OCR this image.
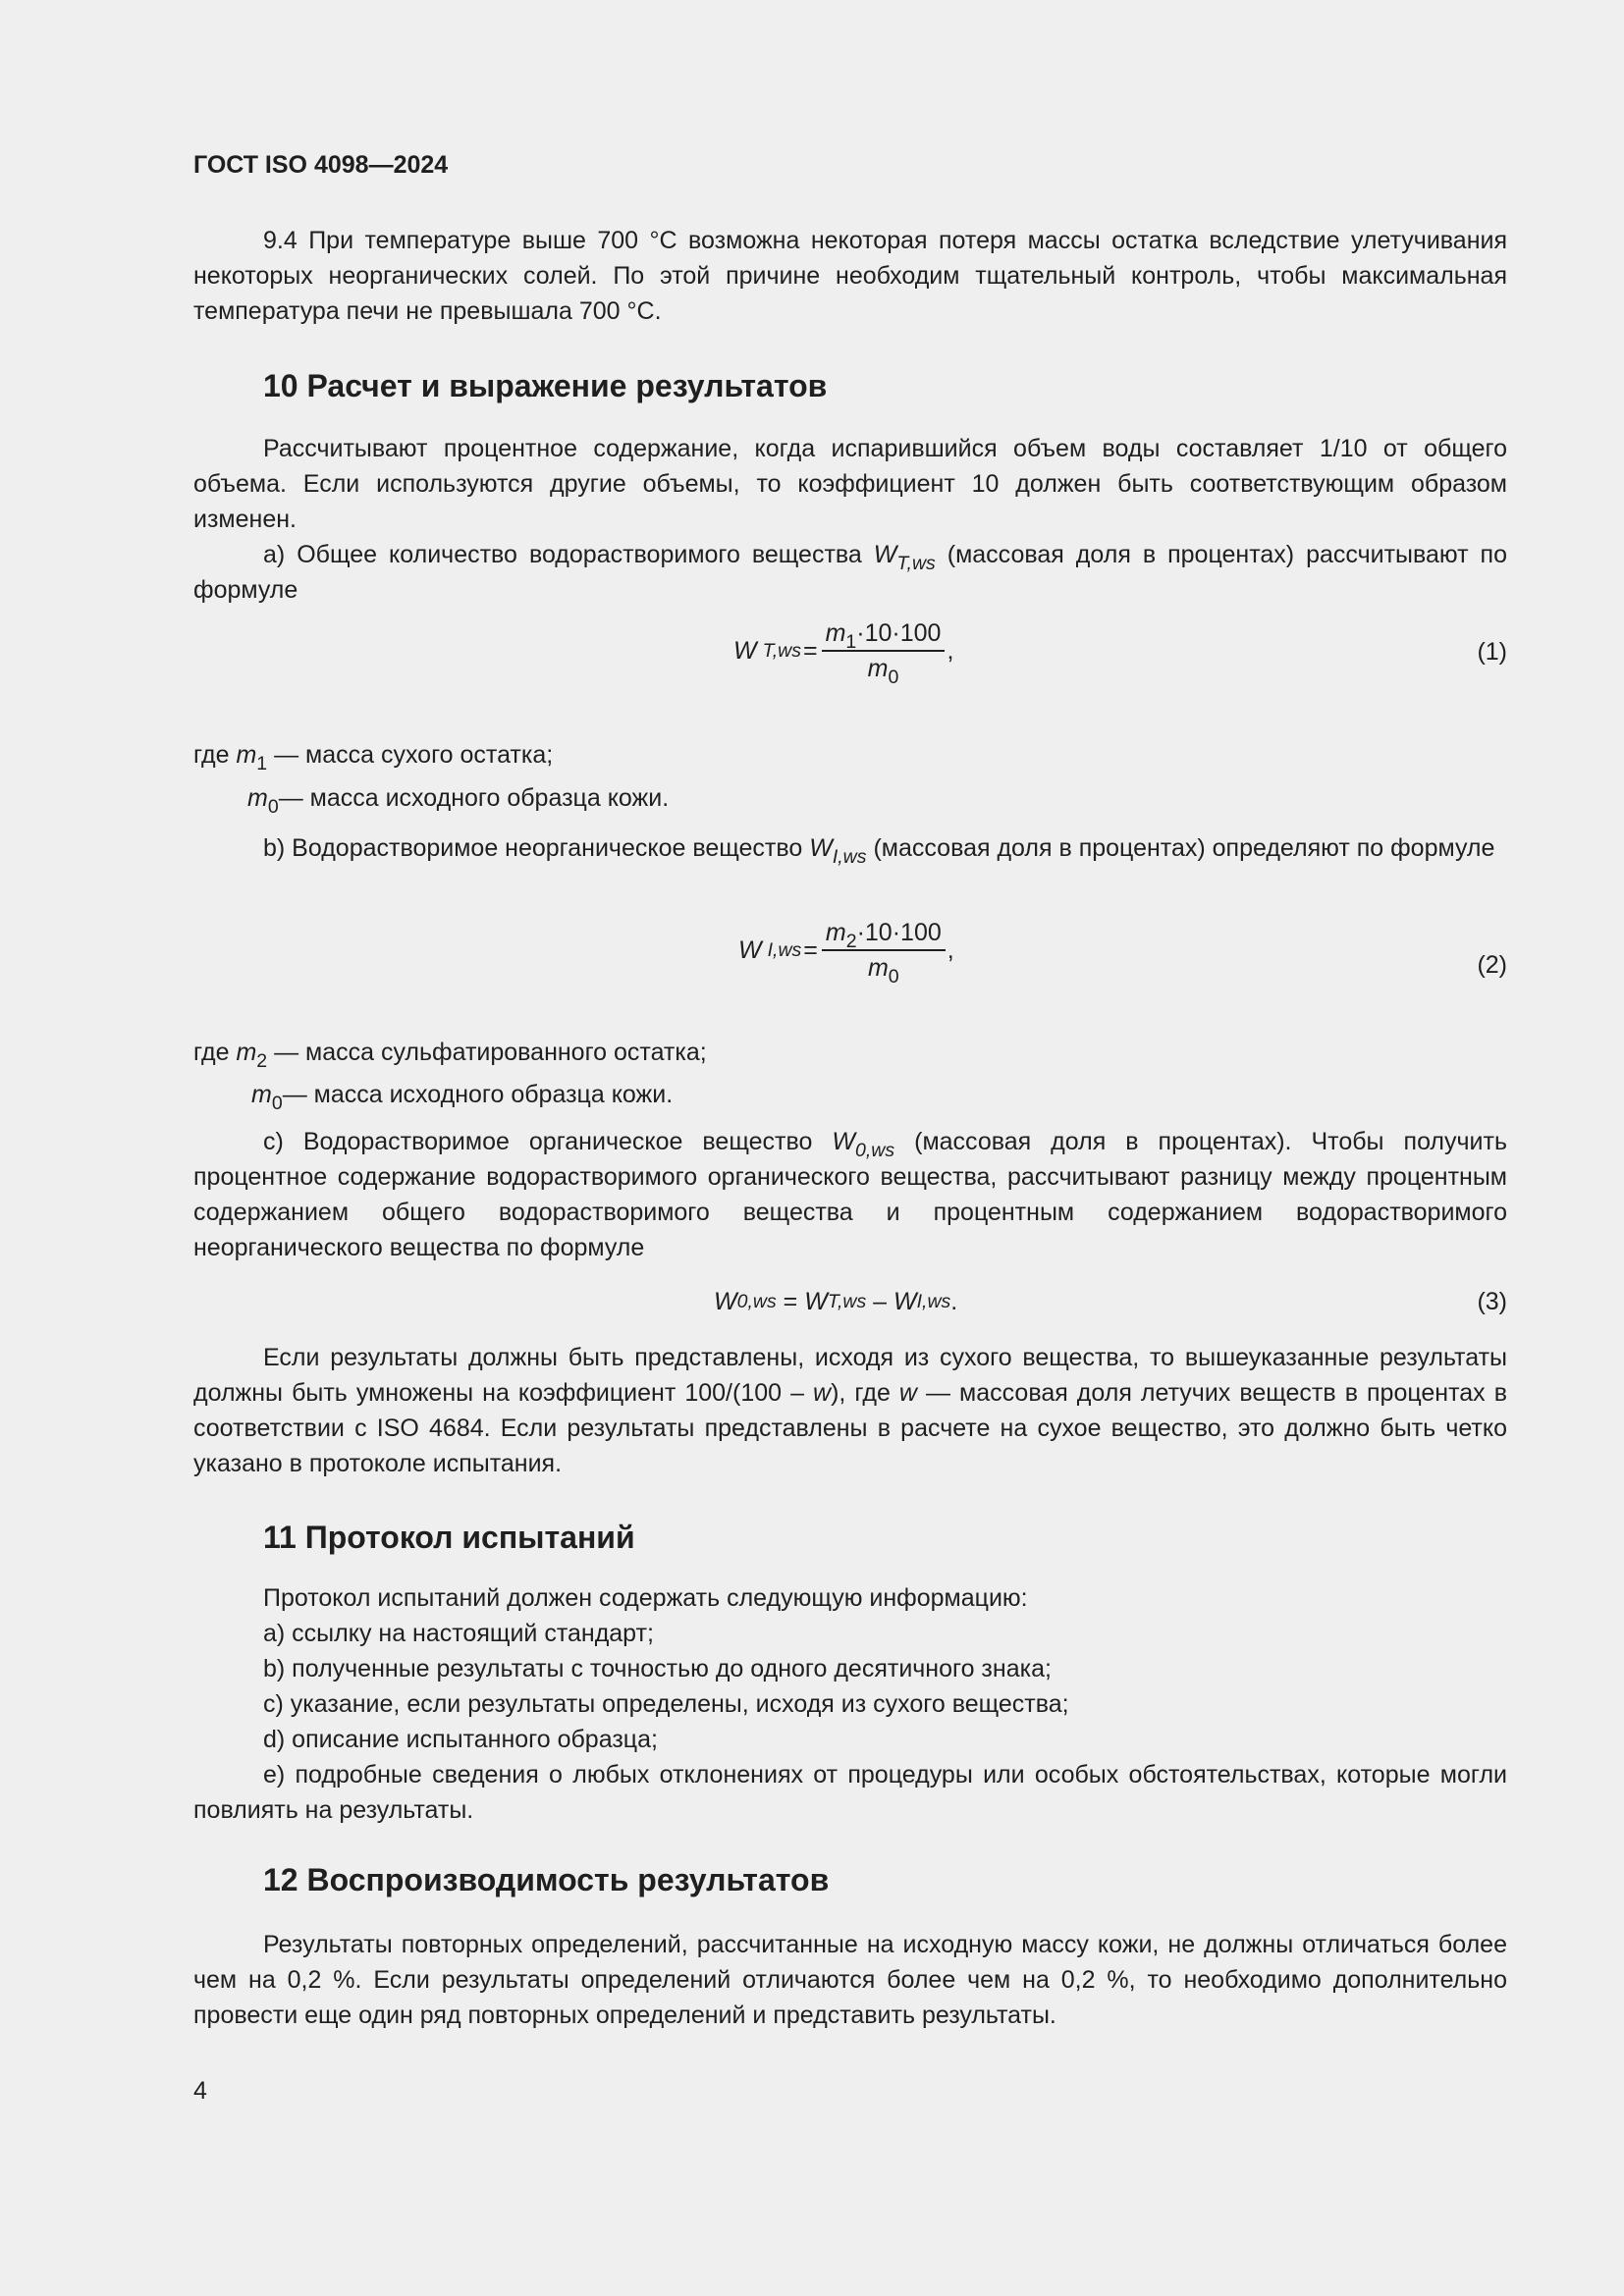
ГОСТ ISO 4098—2024
9.4 При температуре выше 700 °C возможна некоторая потеря массы остатка вследствие улетучивания некоторых неорганических солей. По этой причине необходим тщательный контроль, чтобы максимальная температура печи не превышала 700 °C.
10 Расчет и выражение результатов
Рассчитывают процентное содержание, когда испарившийся объем воды составляет 1/10 от общего объема. Если используются другие объемы, то коэффициент 10 должен быть соответствующим образом изменен.
a) Общее количество водорастворимого вещества $W_{T,ws}$ (массовая доля в процентах) рассчитывают по формуле
W $T,ws = \frac{m_1\cdot 10\cdot 100}{m_0}$ ,	(1)
где $m_1$ — масса сухого остатка;
$m_0—$ масса исходного образца кожи.
b) Водорастворимое неорганическое вещество $W_{I,ws}$ (массовая доля в процентах) определяют по формуле
W $I,ws = \frac{m_2\cdot 10\cdot 100}{m_0}$ ,
(2)
где $m_2$ — масса сульфатированного остатка;
$m_0—$ масса исходного образца кожи.
c) Водорастворимое органическое вещество $W_{0,ws}$ (массовая доля в процентах). Чтобы получить процентное содержание водорастворимого органического вещества, рассчитывают разницу между процентным содержанием общего водорастворимого вещества и процентным содержанием водорастворимого неорганического вещества по формуле
W 0,ws = W T,ws – W I,ws .	(3)
Если результаты должны быть представлены, исходя из сухого вещества, то вышеуказанные результаты должны быть умножены на коэффициент 100/(100 – w), где w — массовая доля летучих веществ в процентах в соответствии с ISO 4684. Если результаты представлены в расчете на сухое вещество, это должно быть четко указано в протоколе испытания.
11 Протокол испытаний
Протокол испытаний должен содержать следующую информацию:
a) ссылку на настоящий стандарт;
b) полученные результаты с точностью до одного десятичного знака;
c) указание, если результаты определены, исходя из сухого вещества;
d) описание испытанного образца;
e) подробные сведения о любых отклонениях от процедуры или особых обстоятельствах, которые могли повлиять на результаты.
12 Воспроизводимость результатов
Результаты повторных определений, рассчитанные на исходную массу кожи, не должны отличаться более чем на 0,2 %. Если результаты определений отличаются более чем на 0,2 %, то необходимо дополнительно провести еще один ряд повторных определений и представить результаты.
4
